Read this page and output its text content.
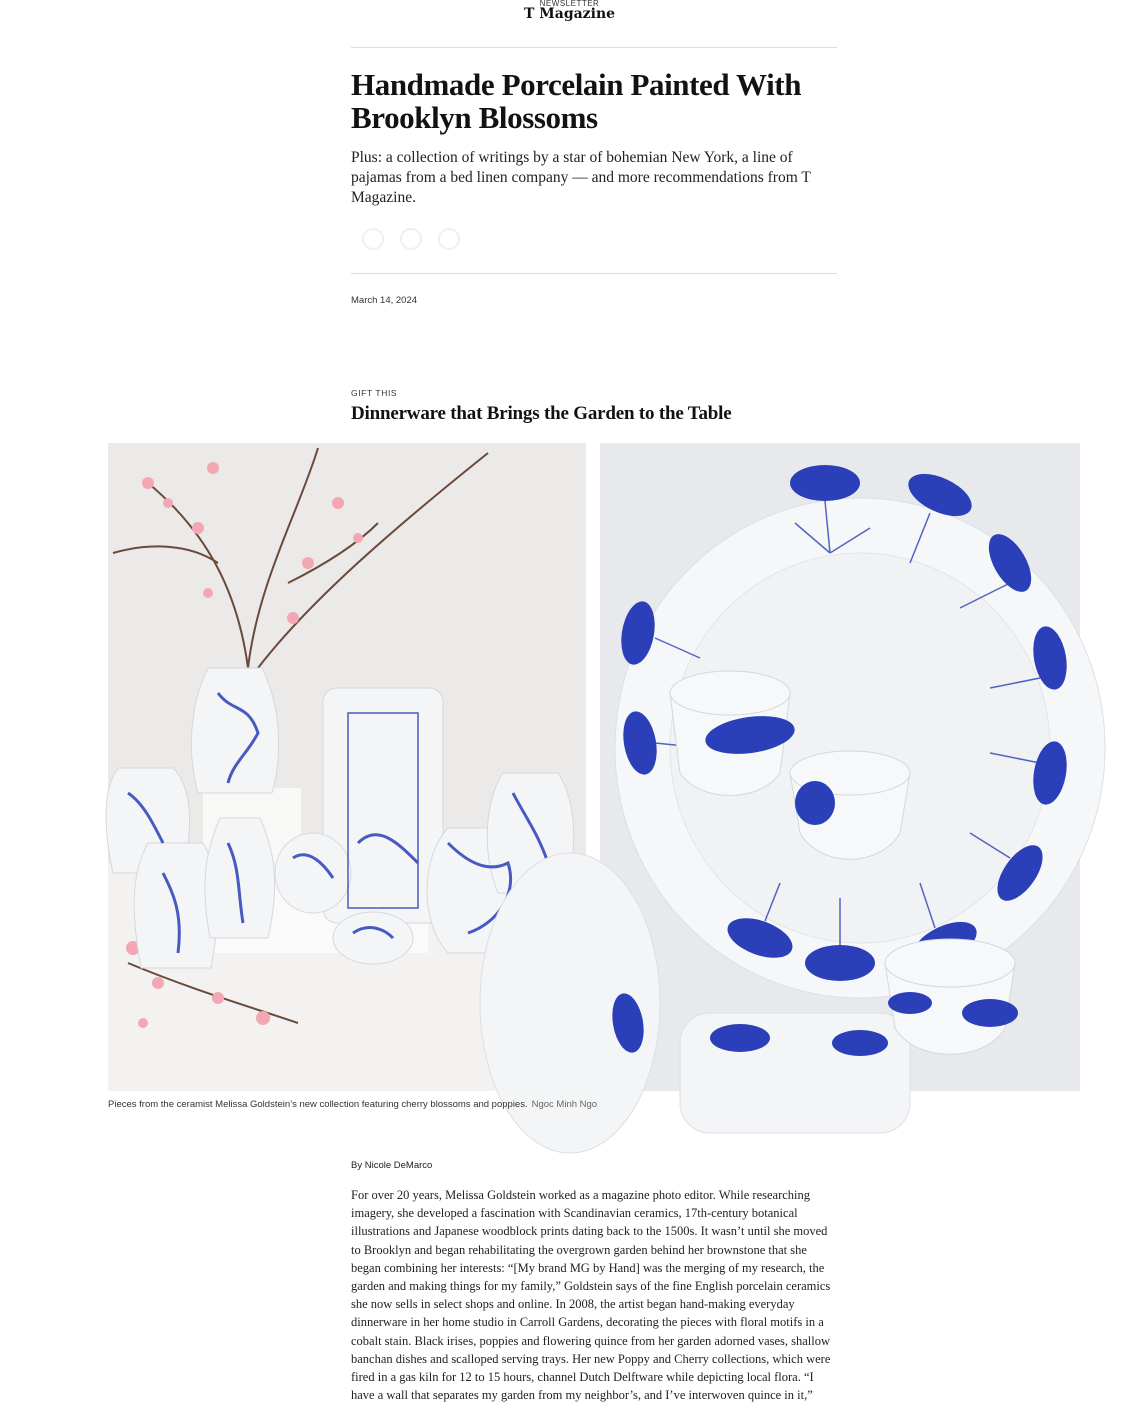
NEWSLETTER
T Magazine
Handmade Porcelain Painted With Brooklyn Blossoms

Plus: a collection of writings by a star of bohemian New York, a line of pajamas from a bed linen company — and more recommendations from T Magazine.

March 14, 2024
GIFT THIS
Dinnerware that Brings the Garden to the Table
Pieces from the ceramist Melissa Goldstein’s new collection featuring cherry blossoms and poppies. Ngoc Minh Ngo
By Nicole DeMarco

For over 20 years, Melissa Goldstein worked as a magazine photo editor. While researching imagery, she developed a fascination with Scandinavian ceramics, 17th-century botanical illustrations and Japanese woodblock prints dating back to the 1500s. It wasn’t until she moved to Brooklyn and began rehabilitating the overgrown garden behind her brownstone that she began combining her interests: “[My brand MG by Hand] was the merging of my research, the garden and making things for my family,” Goldstein says of the fine English porcelain ceramics she now sells in select shops and online. In 2008, the artist began hand-making everyday dinnerware in her home studio in Carroll Gardens, decorating the pieces with floral motifs in a cobalt stain. Black irises, poppies and flowering quince from her garden adorned vases, shallow banchan dishes and scalloped serving trays. Her new Poppy and Cherry collections, which were fired in a gas kiln for 12 to 15 hours, channel Dutch Delftware while depicting local flora. “I have a wall that separates my garden from my neighbor’s, and I’ve interwoven quince in it,”
